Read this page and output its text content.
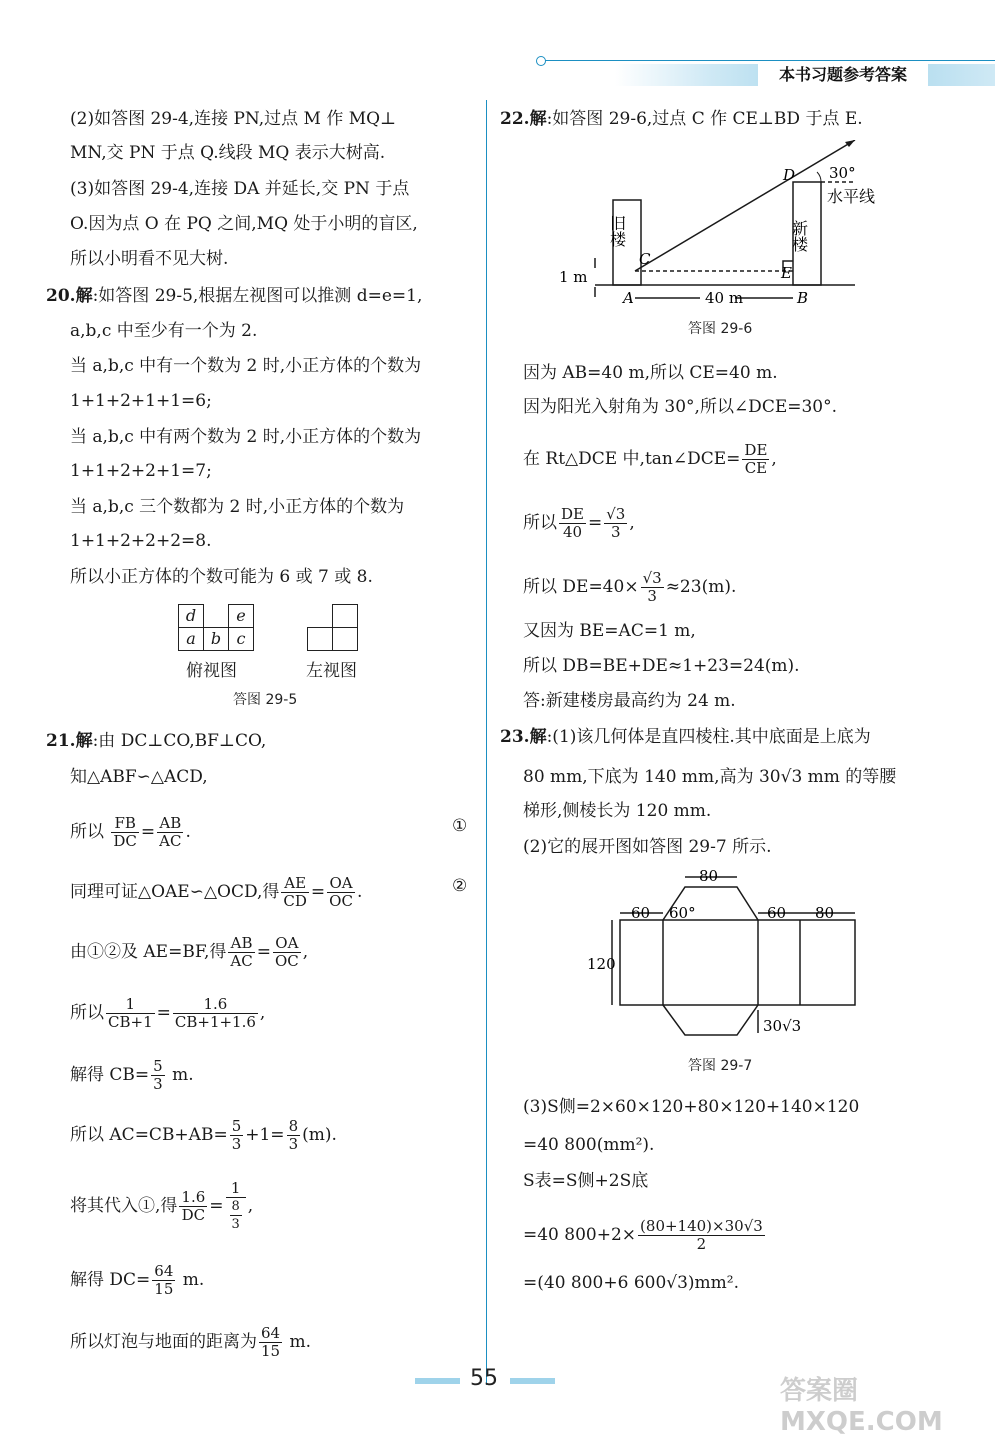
本书习题参考答案
(2)如答图 29-4,连接 PN,过点 M 作 MQ⊥
MN,交 PN 于点 Q.线段 MQ 表示大树高.
(3)如答图 29-4,连接 DA 并延长,交 PN 于点
O.因为点 O 在 PQ 之间,MQ 处于小明的盲区,
所以小明看不见大树.
20.解:如答图 29-5,根据左视图可以推测 d=e=1,
a,b,c 中至少有一个为 2.
当 a,b,c 中有一个数为 2 时,小正方体的个数为
1+1+2+1+1=6;
当 a,b,c 中有两个数为 2 时,小正方体的个数为
1+1+2+2+1=7;
当 a,b,c 三个数都为 2 时,小正方体的个数为
1+1+2+2+2=8.
所以小正方体的个数可能为 6 或 7 或 8.
d	e
a b c
俯视图	左视图
答图 29-5
21.解:由 DC⊥CO,BF⊥CO,
知△ABF∽△ACD,
所以 $\frac{FB}{DC} = \frac{AB}{AC}$ .	①
同理可证△OAE∽△OCD,得 $\frac{AE}{CD} = \frac{OA}{OC}$ .	②
由①②及 AE=BF,得 $\frac{AB}{AC} = \frac{OA}{OC}$ ,
所以 $\frac{1}{CB+1} = \frac{1.6}{CB+1+1.6}$ ,
解得 $CB= \frac{5}{3} m$.
所以 $AC=CB+AB= \frac{5}{3} +1= \frac{8}{3} (m)$.
将其代入①,得 $\frac{1.6}{DC} = \frac{1}{\frac{8}{3}}$ ,
解得 $DC= \frac{64}{15} m$.
所以灯泡与地面的距离为 $\frac{64}{15} m$.
22.解:如答图 29-6,过点 C 作 CE⊥BD 于点 E.
旧楼	新楼
水平线
30°
40 m
1 m
D
C
E
A	B
答图 29-6
因为 AB=40 m,所以 CE=40 m.
因为阳光入射角为 30°,所以∠DCE=30°.
在 Rt△DCE 中,tan∠DCE= $\frac{DE}{CE}$ ,
所以 $\frac{DE}{40} = \frac{√3}{3}$ ,
所以 $DE=40\times \frac{√3}{3} \approx 23(m)$.
又因为 BE=AC=1 m,
所以 DB=BE+DE≈1+23=24(m).
答:新建楼房最高约为 24 m.
23.解:(1)该几何体是直四棱柱.其中底面是上底为
80 mm,下底为 140 mm,高为 30√3 mm 的等腰
梯形,侧棱长为 120 mm.
(2)它的展开图如答图 29-7 所示.
80
60 60°	60 80
120
30√3
答图 29-7
(3)S侧=2×60×120+80×120+140×120
=40 800(mm²).
S表=S侧+2S底
=40 $800+2\times \frac{(80+140)\times 30√3}{2}$
=(40 800+6 600√3)mm².
55	答案圈 MXQE.COM
